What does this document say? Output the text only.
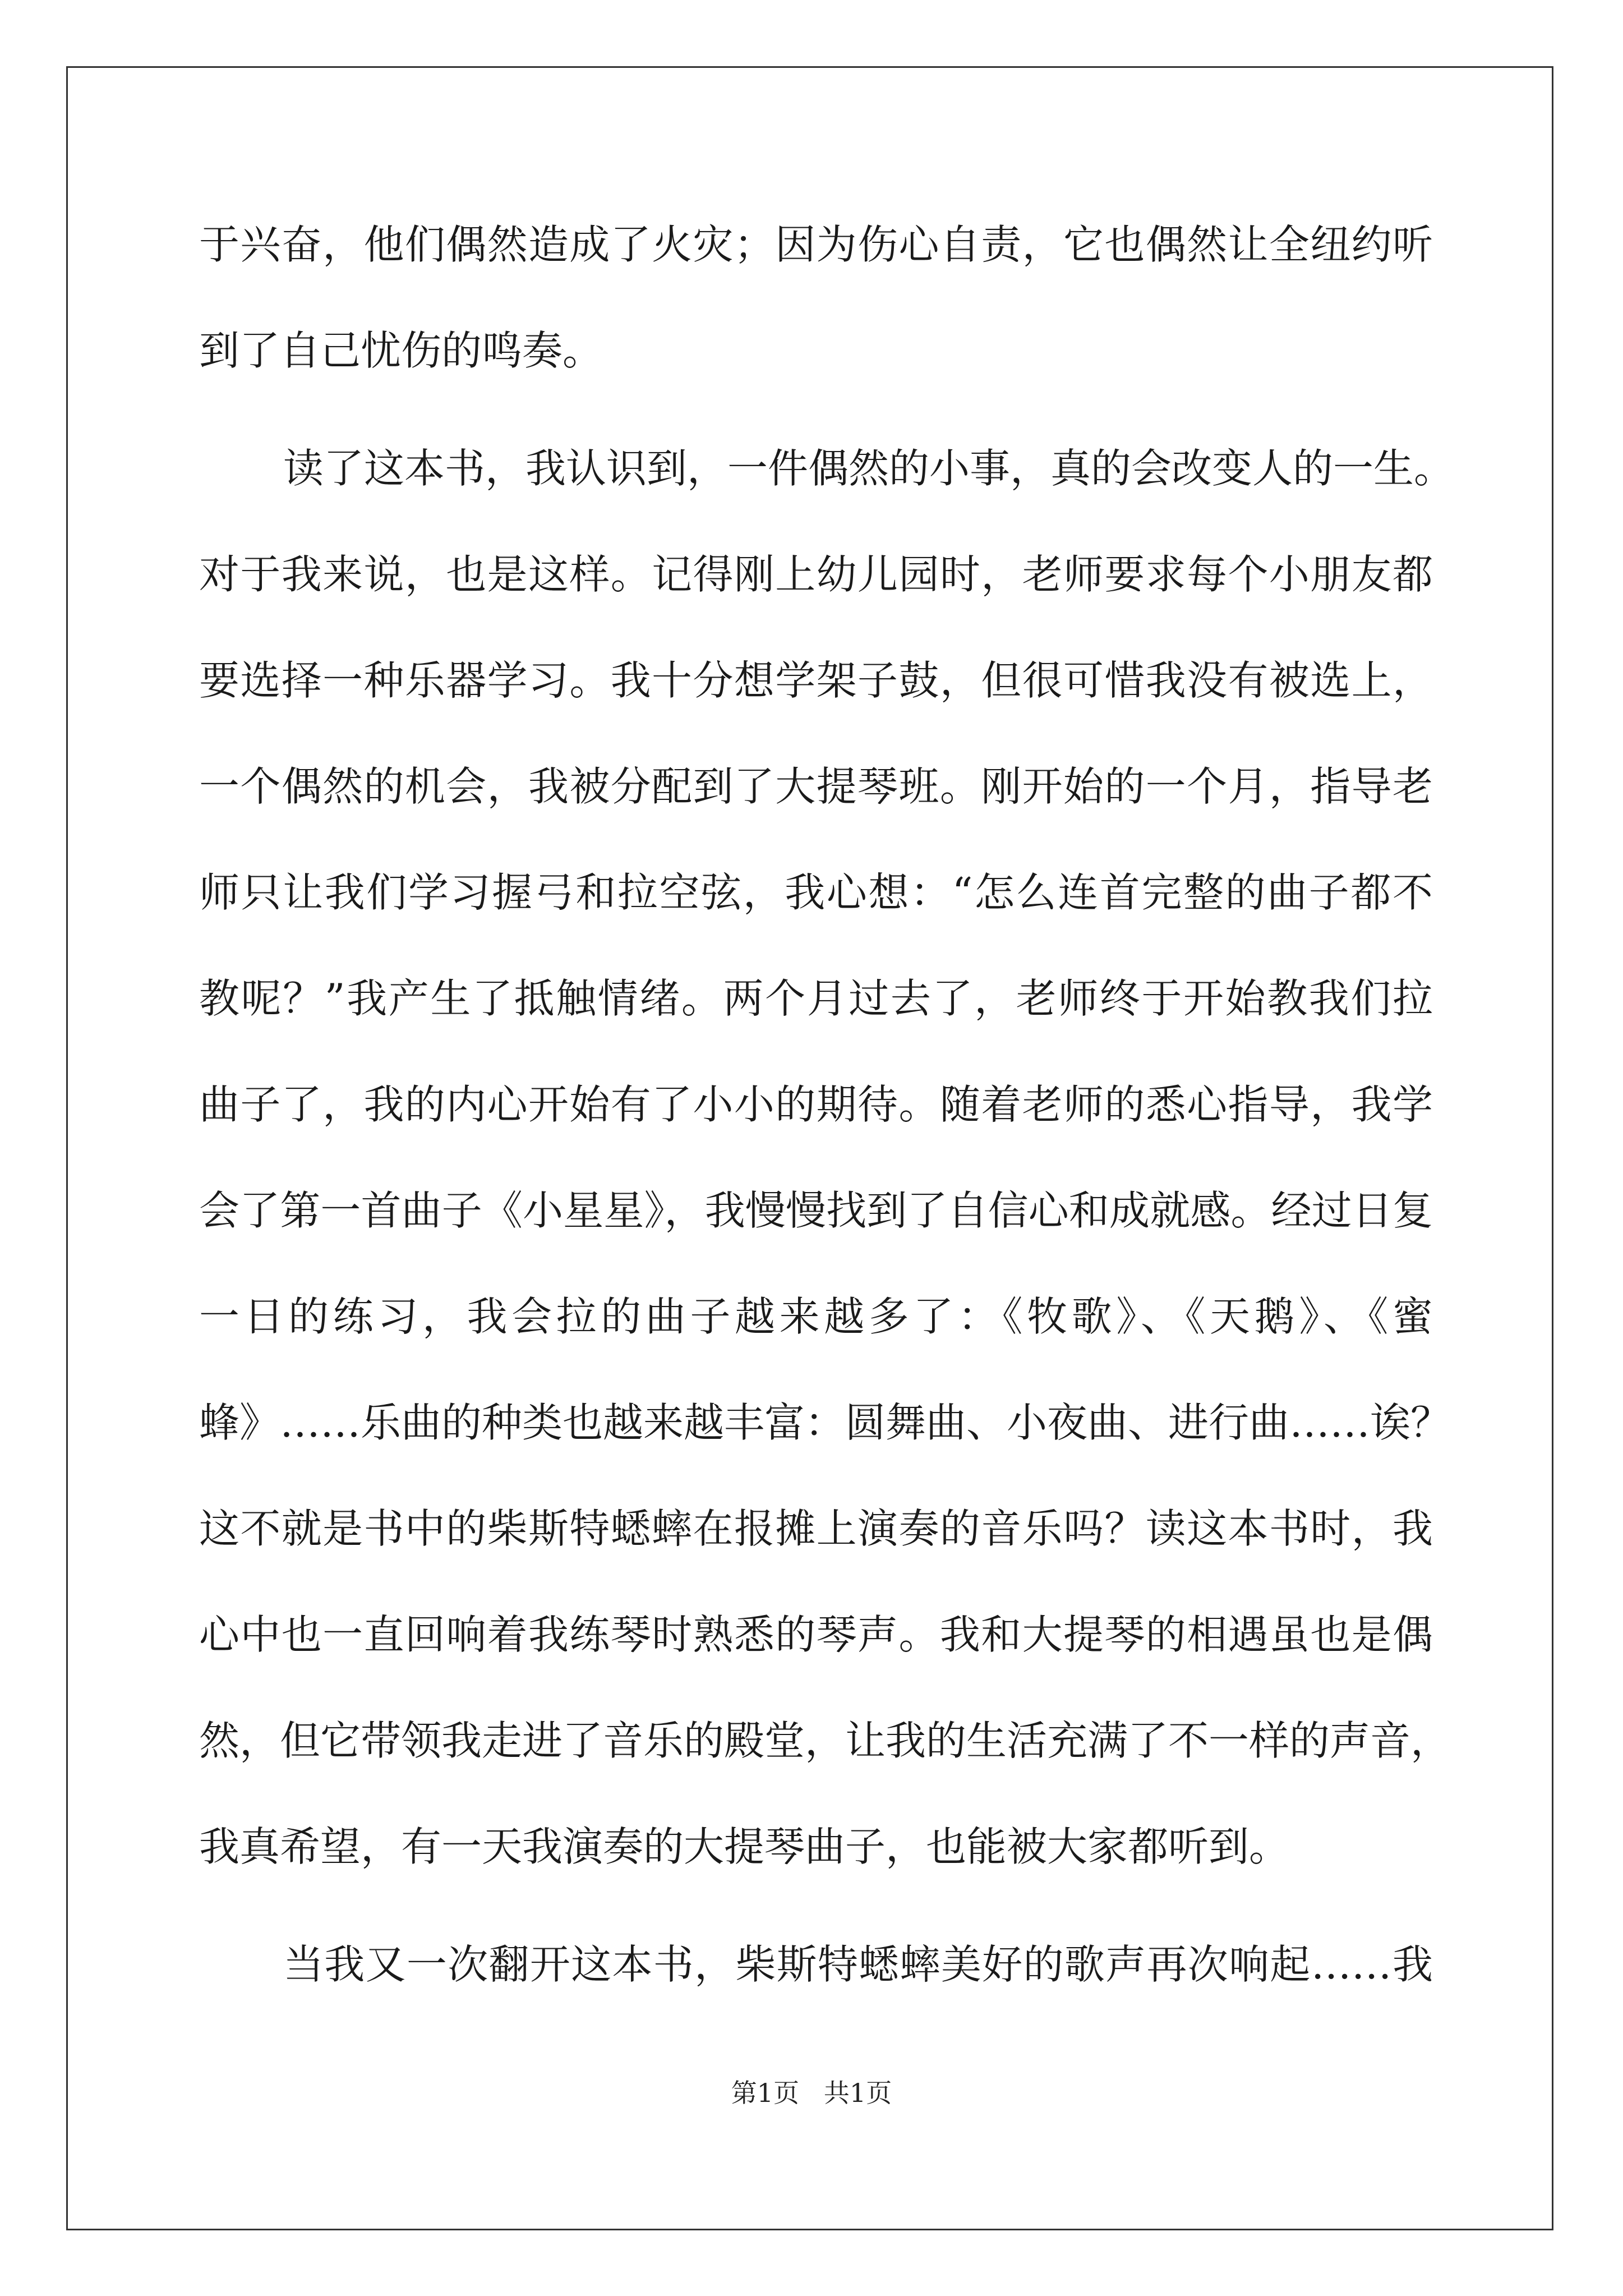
于兴奋，他们偶然造成了火灾；因为伤心自责，它也偶然让全纽约听
到了自己忧伤的鸣奏。
读了这本书，我认识到，一件偶然的小事，真的会改变人的一生。
对于我来说，也是这样。记得刚上幼儿园时，老师要求每个小朋友都
要选择一种乐器学习。我十分想学架子鼓，但很可惜我没有被选上，
一个偶然的机会，我被分配到了大提琴班。刚开始的一个月，指导老
师只让我们学习握弓和拉空弦，我心想：“怎么连首完整的曲子都不
教呢？”我产生了抵触情绪。两个月过去了，老师终于开始教我们拉
曲子了，我的内心开始有了小小的期待。随着老师的悉心指导，我学
会了第一首曲子《小星星》，我慢慢找到了自信心和成就感。经过日复
一日的练习，我会拉的曲子越来越多了：《牧歌》、《天鹅》、《蜜
蜂》……乐曲的种类也越来越丰富：圆舞曲、小夜曲、进行曲……诶？
这不就是书中的柴斯特蟋蟀在报摊上演奏的音乐吗？读这本书时，我
心中也一直回响着我练琴时熟悉的琴声。我和大提琴的相遇虽也是偶
然，但它带领我走进了音乐的殿堂，让我的生活充满了不一样的声音，
我真希望，有一天我演奏的大提琴曲子，也能被大家都听到。
当我又一次翻开这本书，柴斯特蟋蟀美好的歌声再次响起……我
第1页   共1页
